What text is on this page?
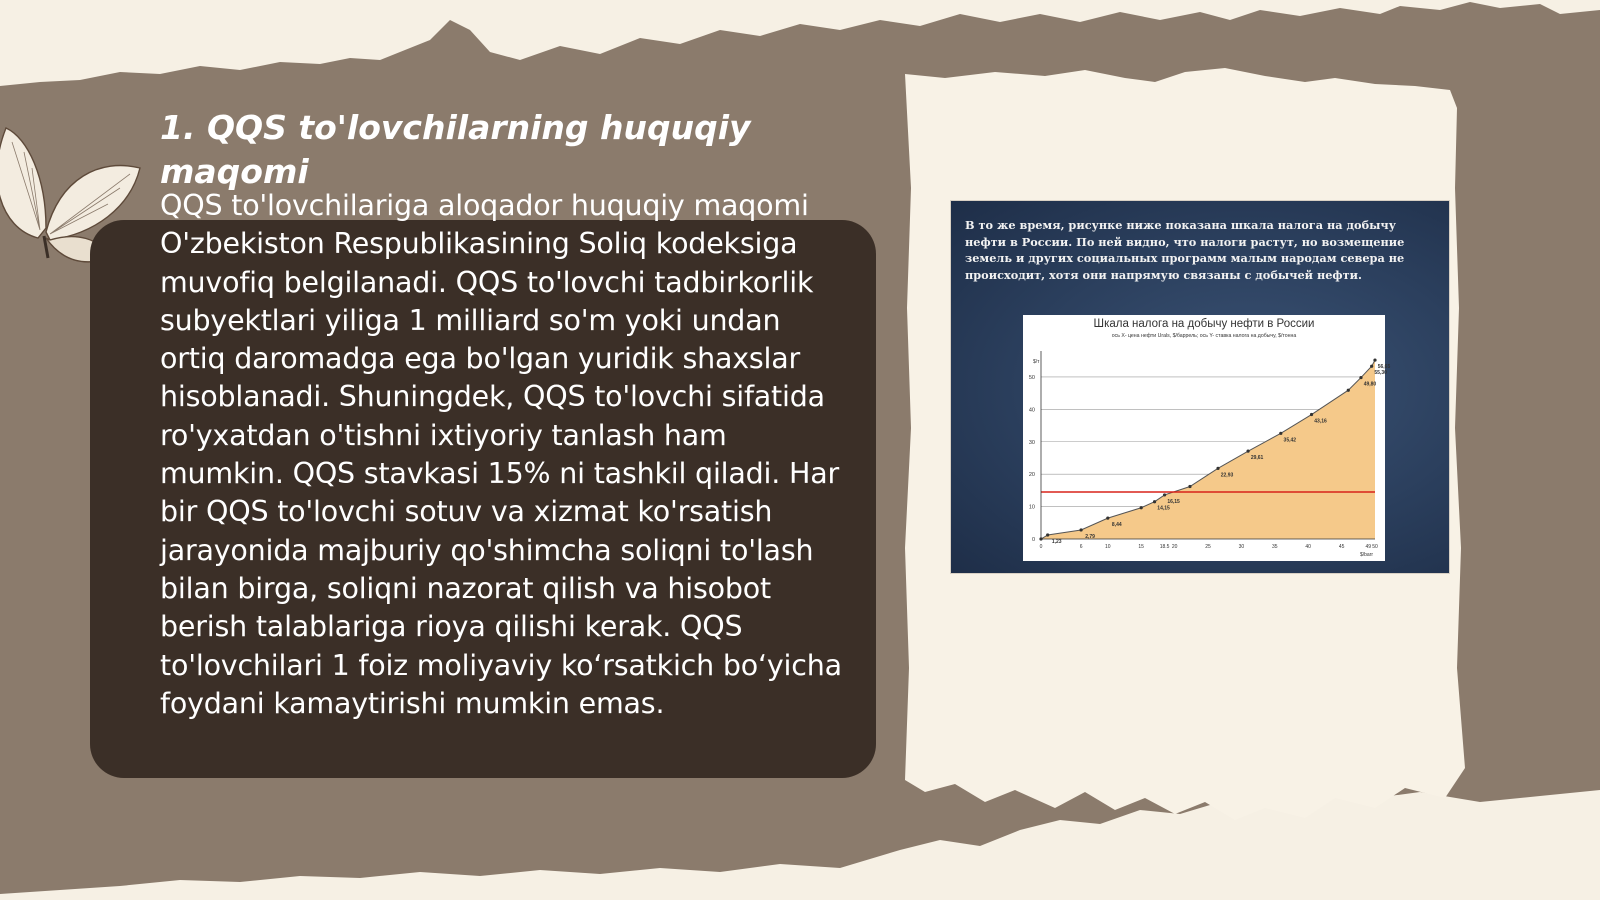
1. QQS to'lovchilarning huquqiy maqomi

QQS to'lovchilariga aloqador huquqiy maqomi O'zbekiston Respublikasining Soliq kodeksiga muvofiq belgilanadi. QQS to'lovchi tadbirkorlik subyektlari yiliga 1 milliard so'm yoki undan ortiq daromadga ega bo'lgan yuridik shaxslar hisoblanadi. Shuningdek, QQS to'lovchi sifatida ro'yxatdan o'tishni ixtiyoriy tanlash ham mumkin. QQS stavkasi 15% ni tashkil qiladi. Har bir QQS to'lovchi sotuv va xizmat ko'rsatish jarayonida majburiy qo'shimcha soliqni to'lash bilan birga, soliqni nazorat qilish va hisobot berish talablariga rioya qilishi kerak. QQS to'lovchilari 1 foiz moliyaviy koʻrsatkich boʻyicha foydani kamaytirishi mumkin emas.

В то же время, рисунке ниже показана шкала налога на добычу нефти в России. По ней видно, что налоги растут, но возмещение земель и других социальных программ малым народам севера не происходит, хотя они напрямую связаны с добычей нефти.

Шкала налога на добычу нефти в России
ось X- цена нефти Urals, $/баррель; ось Y- ставка налога на добычу, $/тонна
0
10
20
30
40
50
1,23
2,79
8,44
14,15
16,15
22,93
29,61
35,42
43,16
49,80
55,30
56,65
0	6	10	15	18.5 20	25	30	35	40	45	49 50
$/barr
$/т
